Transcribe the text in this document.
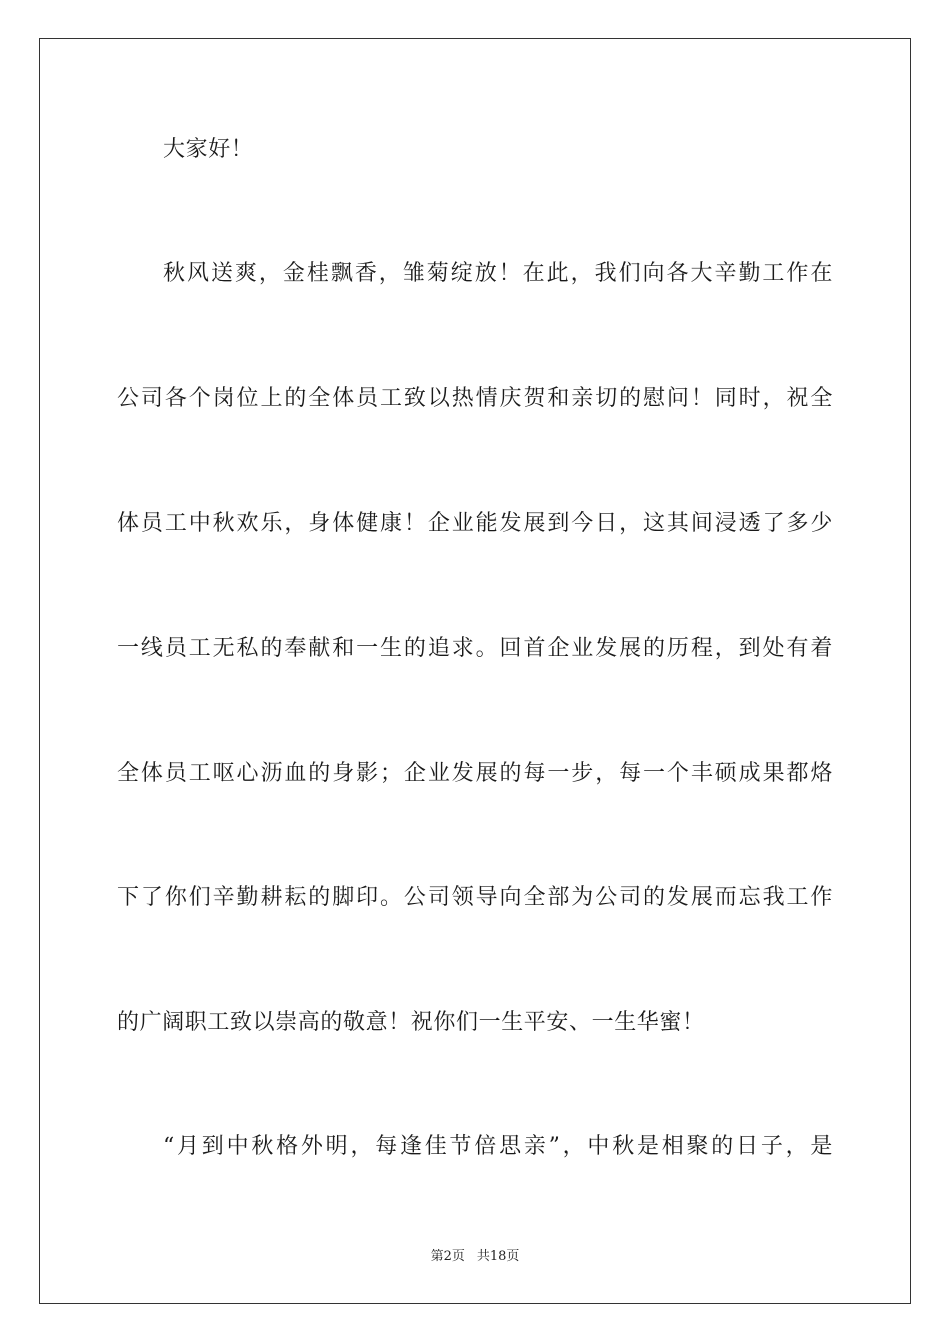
大家好！
秋风送爽，金桂飘香，雏菊绽放！在此，我们向各大辛勤工作在
公司各个岗位上的全体员工致以热情庆贺和亲切的慰问！同时，祝全
体员工中秋欢乐，身体健康！企业能发展到今日，这其间浸透了多少
一线员工无私的奉献和一生的追求。回首企业发展的历程，到处有着
全体员工呕心沥血的身影；企业发展的每一步，每一个丰硕成果都烙
下了你们辛勤耕耘的脚印。公司领导向全部为公司的发展而忘我工作
的广阔职工致以崇高的敬意！祝你们一生平安、一生华蜜！
“月到中秋格外明，每逢佳节倍思亲”，中秋是相聚的日子，是
第2页 共18页
